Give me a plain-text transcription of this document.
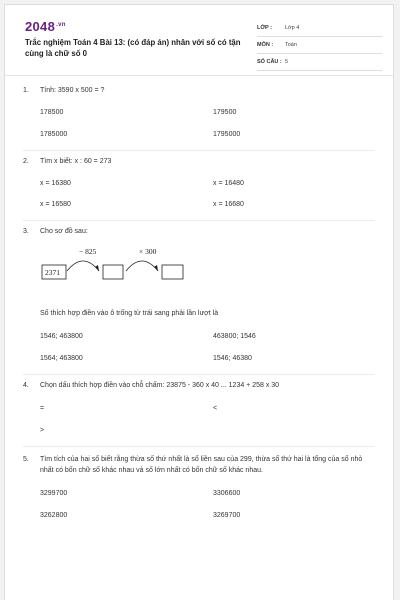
$2048^{.vn}$
Trắc nghiệm Toán 4 Bài 13: (có đáp án) nhân với số có tận cùng là chữ số 0
LỚP :	Lớp 4
MÔN :	Toán
SỐ CÂU : 5
1. Tính: 3590 x 500 = ?
178500	179500
1785000	1795000
2. Tìm x biết: x : 60 = 273
x = 16380	x = 16480
x = 16580	x = 16680
3. Cho sơ đồ sau:
2371
− 825	× 300
Số thích hợp điền vào ô trống từ trái sang phải lần lượt là
1546; 463800	463800; 1546
1564; 463800	1546; 46380
4. Chọn dấu thích hợp điền vào chỗ chấm: 23875 - 360 x 40 ... 1234 + 258 x 30
=	<
>
5.	Tìm tích của hai số biết rằng thừa số thứ nhất là số liền sau của 299, thừa số thứ hai là tổng của số nhỏ nhất có bốn chữ số khác nhau và số lớn nhất có bốn chữ số khác nhau.
3299700	3306600
3262800	3269700
